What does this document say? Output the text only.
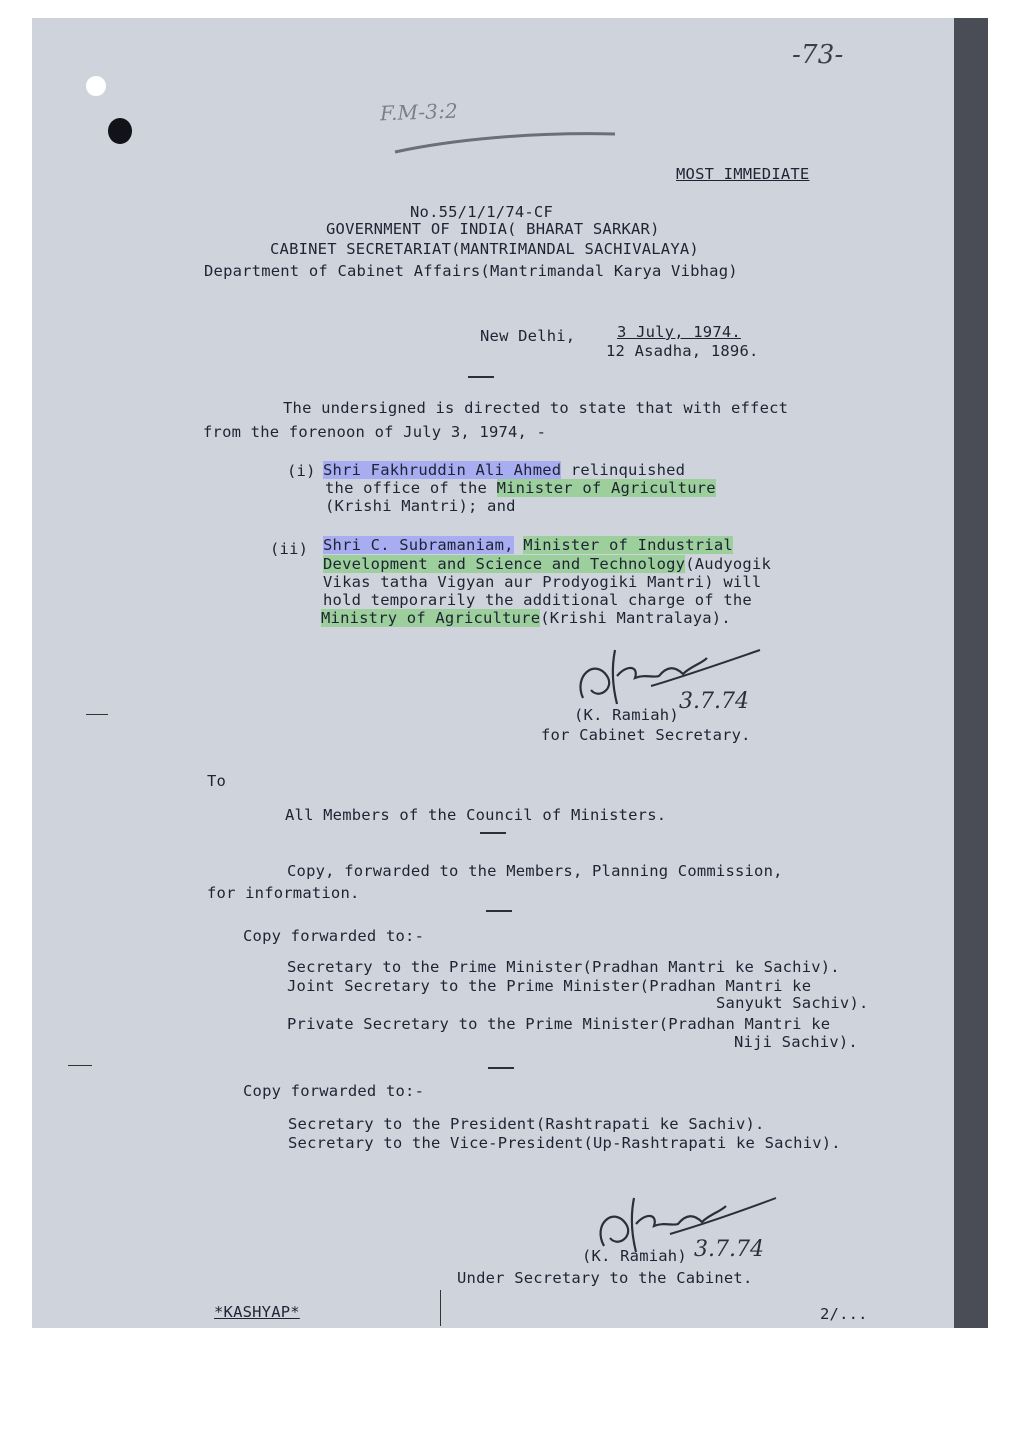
-73-
F.M-3:2
MOST IMMEDIATE
No.55/1/1/74-CF
GOVERNMENT OF INDIA( BHARAT SARKAR)
CABINET SECRETARIAT(MANTRIMANDAL SACHIVALAYA)
Department of Cabinet Affairs(Mantrimandal Karya Vibhag)
New Delhi,	3 July, 1974.
12 Asadha, 1896.
The undersigned is directed to state that with effect
from the forenoon of July 3, 1974, -
(i) Shri Fakhruddin Ali Ahmed relinquished
the office of the Minister of Agriculture
(Krishi Mantri); and
(ii) Shri C. Subramaniam, Minister of Industrial
Development and Science and Technology(Audyogik
Vikas tatha Vigyan aur Prodyogiki Mantri) will
hold temporarily the additional charge of the
Ministry of Agriculture(Krishi Mantralaya).
3.7.74
(K. Ramiah)
for Cabinet Secretary.
To
All Members of the Council of Ministers.
Copy, forwarded to the Members, Planning Commission,
for information.
Copy forwarded to:-
Secretary to the Prime Minister(Pradhan Mantri ke Sachiv).
Joint Secretary to the Prime Minister(Pradhan Mantri ke
Sanyukt Sachiv).
Private Secretary to the Prime Minister(Pradhan Mantri ke
Niji Sachiv).
Copy forwarded to:-
Secretary to the President(Rashtrapati ke Sachiv).
Secretary to the Vice-President(Up-Rashtrapati ke Sachiv).
3.7.74
(K. Ramiah)
Under Secretary to the Cabinet.
*KASHYAP*	2/...
